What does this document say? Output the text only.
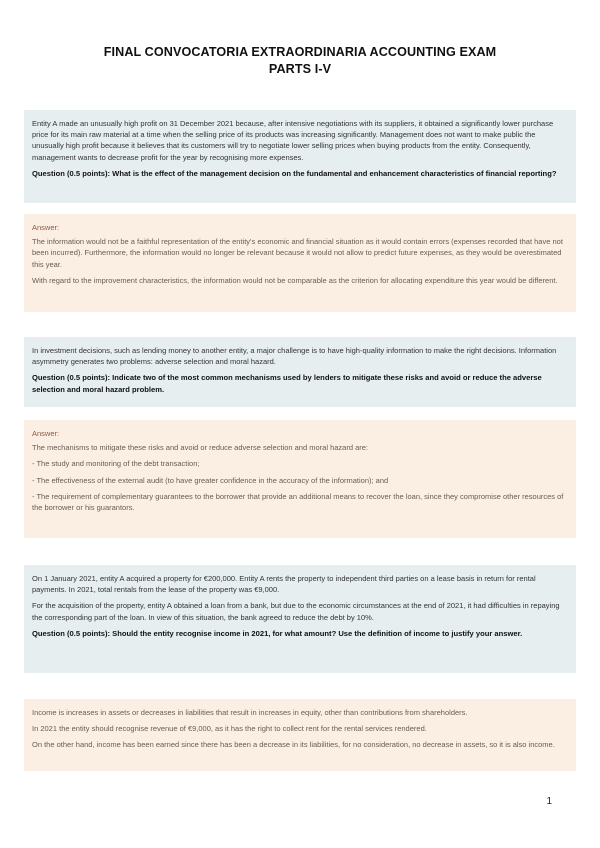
FINAL CONVOCATORIA EXTRAORDINARIA ACCOUNTING EXAM
PARTS I-V

Entity A made an unusually high profit on 31 December 2021 because, after intensive negotiations with its suppliers, it obtained a significantly lower purchase price for its main raw material at a time when the selling price of its products was increasing significantly. Management does not want to make public the unusually high profit because it believes that its customers will try to negotiate lower selling prices when buying products from the entity. Consequently, management wants to decrease profit for the year by recognising more expenses.

Question (0.5 points): What is the effect of the management decision on the fundamental and enhancement characteristics of financial reporting?

Answer:

The information would not be a faithful representation of the entity's economic and financial situation as it would contain errors (expenses recorded that have not been incurred). Furthermore, the information would no longer be relevant because it would not allow to predict future expenses, as they would be overestimated this year.

With regard to the improvement characteristics, the information would not be comparable as the criterion for allocating expenditure this year would be different.

In investment decisions, such as lending money to another entity, a major challenge is to have high-quality information to make the right decisions. Information asymmetry generates two problems: adverse selection and moral hazard.

Question (0.5 points): Indicate two of the most common mechanisms used by lenders to mitigate these risks and avoid or reduce the adverse selection and moral hazard problem.

Answer:

The mechanisms to mitigate these risks and avoid or reduce adverse selection and moral hazard are:

- The study and monitoring of the debt transaction;

- The effectiveness of the external audit (to have greater confidence in the accuracy of the information); and

- The requirement of complementary guarantees to the borrower that provide an additional means to recover the loan, since they compromise other resources of the borrower or his guarantors.

On 1 January 2021, entity A acquired a property for €200,000. Entity A rents the property to independent third parties on a lease basis in return for rental payments. In 2021, total rentals from the lease of the property was €9,000.

For the acquisition of the property, entity A obtained a loan from a bank, but due to the economic circumstances at the end of 2021, it had difficulties in repaying the corresponding part of the loan. In view of this situation, the bank agreed to reduce the debt by 10%.

Question (0.5 points): Should the entity recognise income in 2021, for what amount? Use the definition of income to justify your answer.

Income is increases in assets or decreases in liabilities that result in increases in equity, other than contributions from shareholders.

In 2021 the entity should recognise revenue of €9,000, as it has the right to collect rent for the rental services rendered.

On the other hand, income has been earned since there has been a decrease in its liabilities, for no consideration, no decrease in assets, so it is also income.

1
